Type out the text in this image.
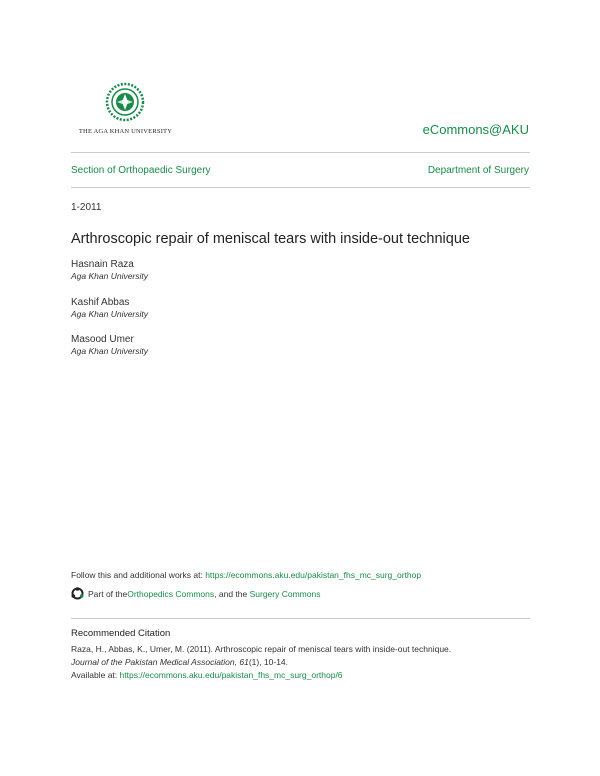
THE AGA KHAN UNIVERSITY	eCommons@AKU
Section of Orthopaedic Surgery	Department of Surgery
1-2011
Arthroscopic repair of meniscal tears with inside-out technique
Hasnain Raza
Aga Khan University
Kashif Abbas
Aga Khan University
Masood Umer
Aga Khan University
Follow this and additional works at: https://ecommons.aku.edu/pakistan_fhs_mc_surg_orthop
Part of the Orthopedics Commons , and the Surgery Commons
Recommended Citation
Raza, H., Abbas, K., Umer, M. (2011). Arthroscopic repair of meniscal tears with inside-out technique.
Journal of the Pakistan Medical Association, 61(1), 10-14.
Available at: https://ecommons.aku.edu/pakistan_fhs_mc_surg_orthop/6
